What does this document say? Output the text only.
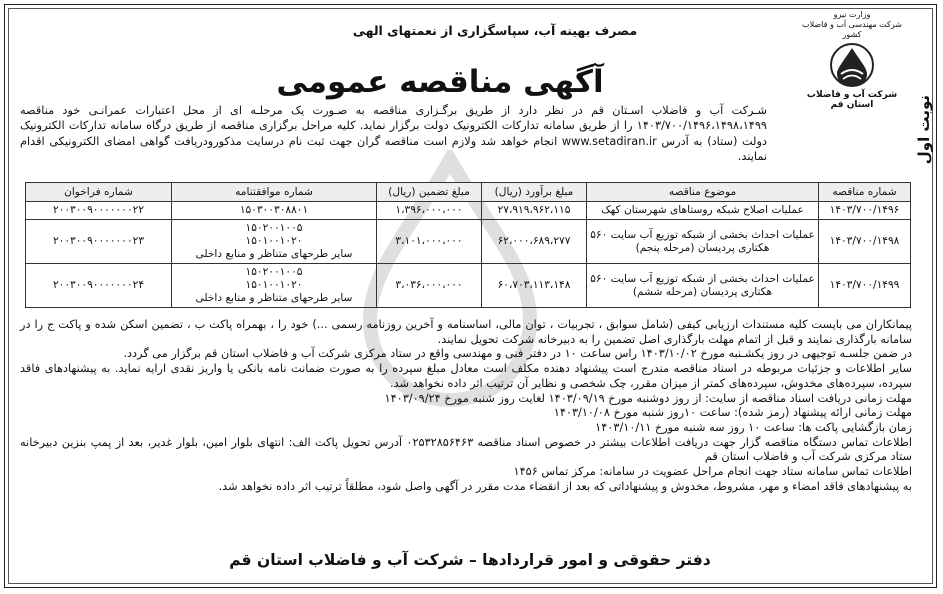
نوبت اول
وزارت نیرو
شرکت مهندسی آب و فاضلاب کشور
شرکت آب و فاضلاب استان قم
مصرف بهینه آب، سپاسگزاری از نعمتهای الهی
آگهی مناقصه عمومی
شـرکت آب و فاضلاب اسـتان قم در نظر دارد از طریق برگـزاری مناقصه به صـورت یک مرحلـه ای از محل اعتبارات عمرانـی خود مناقصه ۱۴۰۳/۷۰۰/۱۴۹۶،۱۴۹۸،۱۴۹۹ را از طریق سامانه تدارکات الکترونیک دولت برگزار نماید. کلیه مراحل برگزاری مناقصه از طریق درگاه سامانه تدارکات الکترونیک دولت (ستاد) به آدرس www.setadiran.ir انجام خواهد شد ولازم است مناقصه گران جهت ثبت نام درسایت مذکورودریافت گواهی امضای الکترونیکی اقدام نمایند.
شماره مناقصه	موضوع مناقصه	مبلغ برآورد (ریال)	مبلغ تضمین (ریال)	شماره موافقتنامه	شماره فراخوان
۱۴۰۳/۷۰۰/۱۴۹۶	عملیات اصلاح شبکه روستاهای شهرستان کهک	۲۷،۹۱۹،۹۶۲،۱۱۵	۱،۳۹۶،۰۰۰،۰۰۰	۱۵۰۳۰۰۳۰۸۸۰۱	۲۰۰۳۰۰۹۰۰۰۰۰۰۰۲۲
۱۴۰۳/۷۰۰/۱۴۹۸	عملیات احداث بخشی از شبکه توزیع آب سایت ۵۶۰ هکتاری پردیسان (مرحله پنجم)	۶۲،۰۰۰،۶۸۹،۲۷۷	۳،۱۰۱،۰۰۰،۰۰۰	۱۵۰۲۰۰۱۰۰۵
۱۵۰۱۰۰۱۰۲۰
سایر طرحهای متناظر و منابع داخلی	۲۰۰۳۰۰۹۰۰۰۰۰۰۰۲۳
۱۴۰۳/۷۰۰/۱۴۹۹	عملیات احداث بخشی از شبکه توزیع آب سایت ۵۶۰ هکتاری پردیسان (مرحله ششم)	۶۰،۷۰۳،۱۱۳،۱۴۸	۳،۰۳۶،۰۰۰،۰۰۰	۱۵۰۲۰۰۱۰۰۵
۱۵۰۱۰۰۱۰۲۰
سایر طرحهای متناظر و منابع داخلی	۲۰۰۳۰۰۹۰۰۰۰۰۰۰۲۴

پیمانکاران می بایست کلیه مستندات ارزیابی کیفی (شامل سوابق ، تجربیات ، توان مالی، اساسنامه و آخرین روزنامه رسمی ...) خود را ، بهمراه پاکت ب ، تضمین اسکن شده و پاکت ج را در سامانه بارگذاری نمایند و قبل از اتمام مهلت بارگذاری اصل تضمین را به دبیرخانه شرکت تحویل نمایند.

در ضمن جلسـه توجیهی در روز یکشـنبه مورخ ۱۴۰۳/۱۰/۰۲ راس ساعت ۱۰ در دفتر فنی و مهندسی واقع در ستاد مرکزی شرکت آب و فاضلاب استان قم برگزار می گردد.

سایر اطلاعات و جزئیات مربوطه در اسناد مناقصه مندرج است پیشنهاد دهنده مکلف است معادل مبلغ سپرده را به صورت ضمانت نامه بانکی یا واریز نقدی ارایه نماید. به پیشنهادهای فاقد سپرده، سپرده‌های مخدوش، سپرده‌های کمتر از میزان مقرر، چک شخصی و نظایر آن ترتیب اثر داده نخواهد شد.

مهلت زمانی دریافت اسناد مناقصه از سایت: از روز دوشنبه مورخ ۱۴۰۳/۰۹/۱۹ لغایت روز شنبه مورخ ۱۴۰۳/۰۹/۲۴

مهلت زمانی ارائه پیشنهاد (رمز شده): ساعت ۱۰روز شنبه مورخ ۱۴۰۳/۱۰/۰۸

زمان بازگشایی پاکت ها: ساعت ۱۰ روز سه شنبه مورخ ۱۴۰۳/۱۰/۱۱

اطلاعات تماس دستگاه مناقصه گزار جهت دریافت اطلاعات بیشتر در خصوص اسناد مناقصه ۰۲۵۳۲۸۵۶۴۶۳ آدرس تحویل پاکت الف: انتهای بلوار امین، بلوار غدیر، بعد از پمپ بنزین دبیرخانه ستاد مرکزی شرکت آب و فاضلاب استان قم

اطلاعات تماس سامانه ستاد جهت انجام مراحل عضویت در سامانه: مرکز تماس ۱۴۵۶

به پیشنهادهای فاقد امضاء و مهر، مشروط، مخدوش و پیشنهاداتی که بعد از انقضاء مدت مقرر در آگهی واصل شود، مطلقاً ترتیب اثر داده نخواهد شد.

دفتر حقوقی و امور قراردادها – شرکت آب و فاضلاب استان قم
